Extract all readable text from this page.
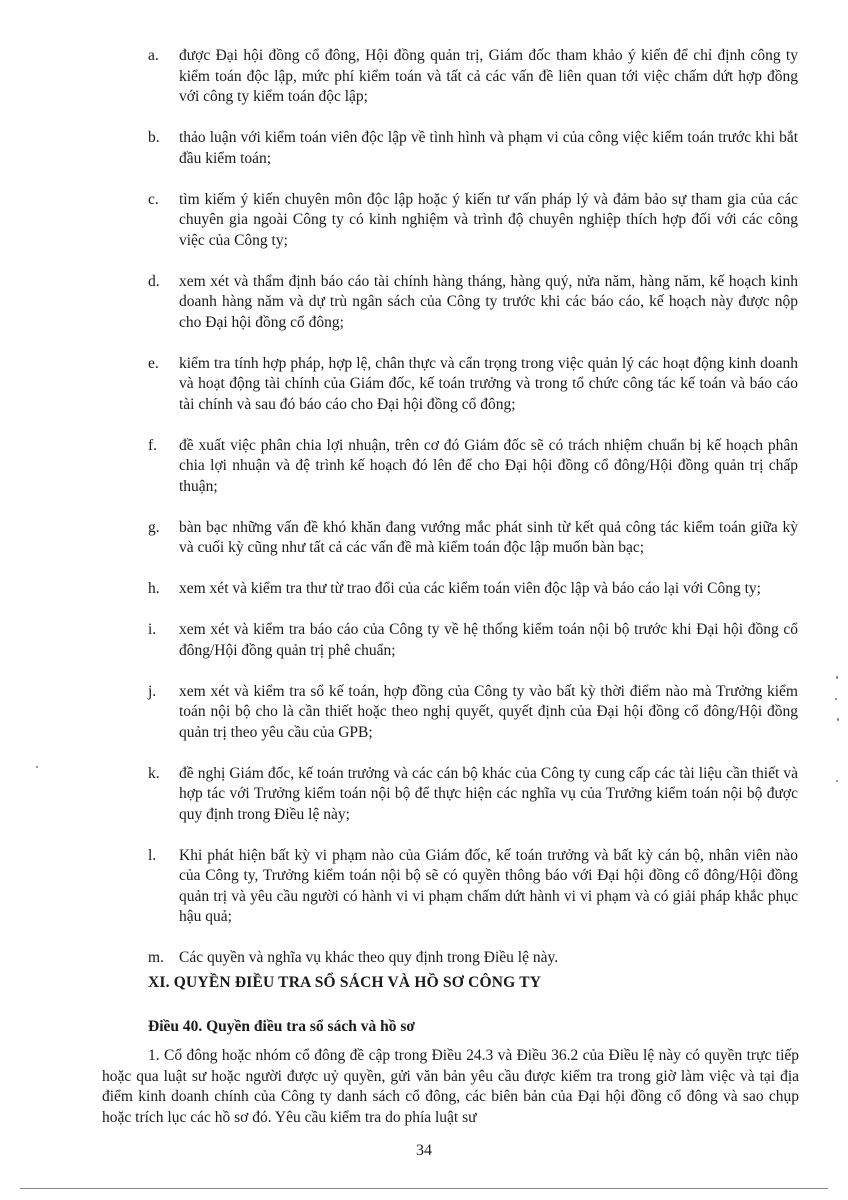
a. được Đại hội đồng cổ đông, Hội đồng quản trị, Giám đốc tham khảo ý kiến để chỉ định công ty kiểm toán độc lập, mức phí kiểm toán và tất cả các vấn đề liên quan tới việc chấm dứt hợp đồng với công ty kiểm toán độc lập;
b. thảo luận với kiểm toán viên độc lập về tình hình và phạm vi của công việc kiểm toán trước khi bắt đầu kiểm toán;
c. tìm kiếm ý kiến chuyên môn độc lập hoặc ý kiến tư vấn pháp lý và đảm bảo sự tham gia của các chuyên gia ngoài Công ty có kinh nghiệm và trình độ chuyên nghiệp thích hợp đối với các công việc của Công ty;
d. xem xét và thẩm định báo cáo tài chính hàng tháng, hàng quý, nửa năm, hàng năm, kế hoạch kinh doanh hàng năm và dự trù ngân sách của Công ty trước khi các báo cáo, kế hoạch này được nộp cho Đại hội đồng cổ đông;
e. kiểm tra tính hợp pháp, hợp lệ, chân thực và cẩn trọng trong việc quản lý các hoạt động kinh doanh và hoạt động tài chính của Giám đốc, kế toán trưởng và trong tổ chức công tác kế toán và báo cáo tài chính và sau đó báo cáo cho Đại hội đồng cổ đông;
f. đề xuất việc phân chia lợi nhuận, trên cơ đó Giám đốc sẽ có trách nhiệm chuẩn bị kế hoạch phân chia lợi nhuận và đệ trình kế hoạch đó lên để cho Đại hội đồng cổ đông/Hội đồng quản trị chấp thuận;
g. bàn bạc những vấn đề khó khăn đang vướng mắc phát sinh từ kết quả công tác kiểm toán giữa kỳ và cuối kỳ cũng như tất cả các vấn đề mà kiểm toán độc lập muốn bàn bạc;
h. xem xét và kiểm tra thư từ trao đổi của các kiểm toán viên độc lập và báo cáo lại với Công ty;
i. xem xét và kiểm tra báo cáo của Công ty về hệ thống kiểm toán nội bộ trước khi Đại hội đồng cổ đông/Hội đồng quản trị phê chuẩn;
j. xem xét và kiểm tra sổ kế toán, hợp đồng của Công ty vào bất kỳ thời điểm nào mà Trưởng kiểm toán nội bộ cho là cần thiết hoặc theo nghị quyết, quyết định của Đại hội đồng cổ đông/Hội đồng quản trị theo yêu cầu của GPB;
k. đề nghị Giám đốc, kế toán trưởng và các cán bộ khác của Công ty cung cấp các tài liệu cần thiết và hợp tác với Trưởng kiểm toán nội bộ để thực hiện các nghĩa vụ của Trưởng kiểm toán nội bộ được quy định trong Điều lệ này;
l. Khi phát hiện bất kỳ vi phạm nào của Giám đốc, kế toán trưởng và bất kỳ cán bộ, nhân viên nào của Công ty, Trưởng kiểm toán nội bộ sẽ có quyền thông báo với Đại hội đồng cổ đông/Hội đồng quản trị và yêu cầu người có hành vi vi phạm chấm dứt hành vi vi phạm và có giải pháp khắc phục hậu quả;
m. Các quyền và nghĩa vụ khác theo quy định trong Điều lệ này.
XI. QUYỀN ĐIỀU TRA SỔ SÁCH VÀ HỒ SƠ CÔNG TY
Điều 40. Quyền điều tra sổ sách và hồ sơ
1. Cổ đông hoặc nhóm cổ đông đề cập trong Điều 24.3 và Điều 36.2 của Điều lệ này có quyền trực tiếp hoặc qua luật sư hoặc người được uỷ quyền, gửi văn bản yêu cầu được kiểm tra trong giờ làm việc và tại địa điểm kinh doanh chính của Công ty danh sách cổ đông, các biên bản của Đại hội đồng cổ đông và sao chụp hoặc trích lục các hồ sơ đó. Yêu cầu kiểm tra do phía luật sư
34
